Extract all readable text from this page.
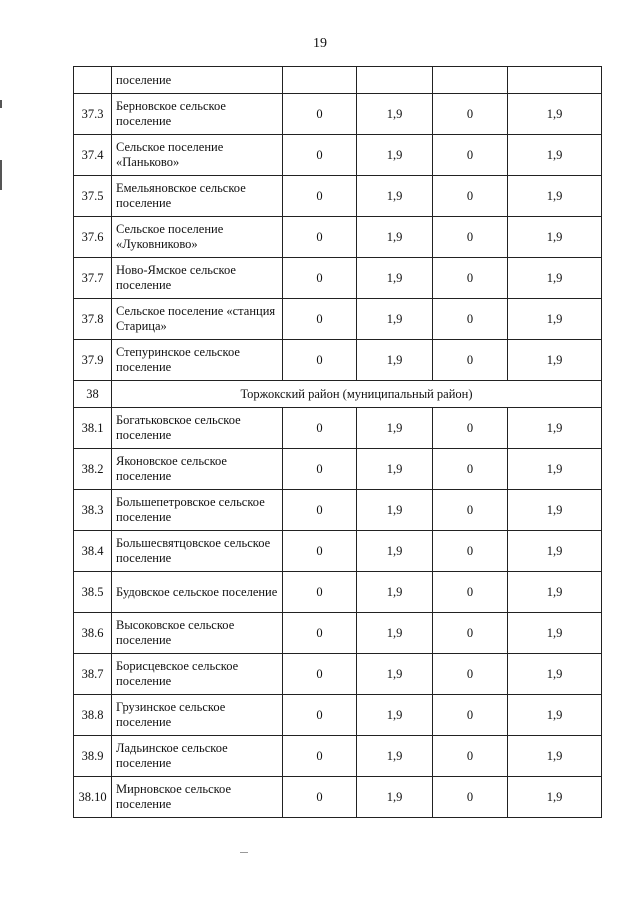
19
	поселение				
37.3	Берновское сельское поселение	0	1,9	0	1,9
37.4	Сельское поселение «Паньково»	0	1,9	0	1,9
37.5	Емельяновское сельское поселение	0	1,9	0	1,9
37.6	Сельское поселение «Луковниково»	0	1,9	0	1,9
37.7	Ново-Ямское сельское поселение	0	1,9	0	1,9
37.8	Сельское поселение «станция Старица»	0	1,9	0	1,9
37.9	Степуринское сельское поселение	0	1,9	0	1,9
38	Торжокский район (муниципальный район)				
38.1	Богатьковское сельское поселение	0	1,9	0	1,9
38.2	Яконовское сельское поселение	0	1,9	0	1,9
38.3	Большепетровское сельское поселение	0	1,9	0	1,9
38.4	Большесвятцовское сельское поселение	0	1,9	0	1,9
38.5	Будовское сельское поселение	0	1,9	0	1,9
38.6	Высоковское сельское поселение	0	1,9	0	1,9
38.7	Борисцевское сельское поселение	0	1,9	0	1,9
38.8	Грузинское сельское поселение	0	1,9	0	1,9
38.9	Ладьинское сельское поселение	0	1,9	0	1,9
38.10	Мирновское сельское поселение	0	1,9	0	1,9
